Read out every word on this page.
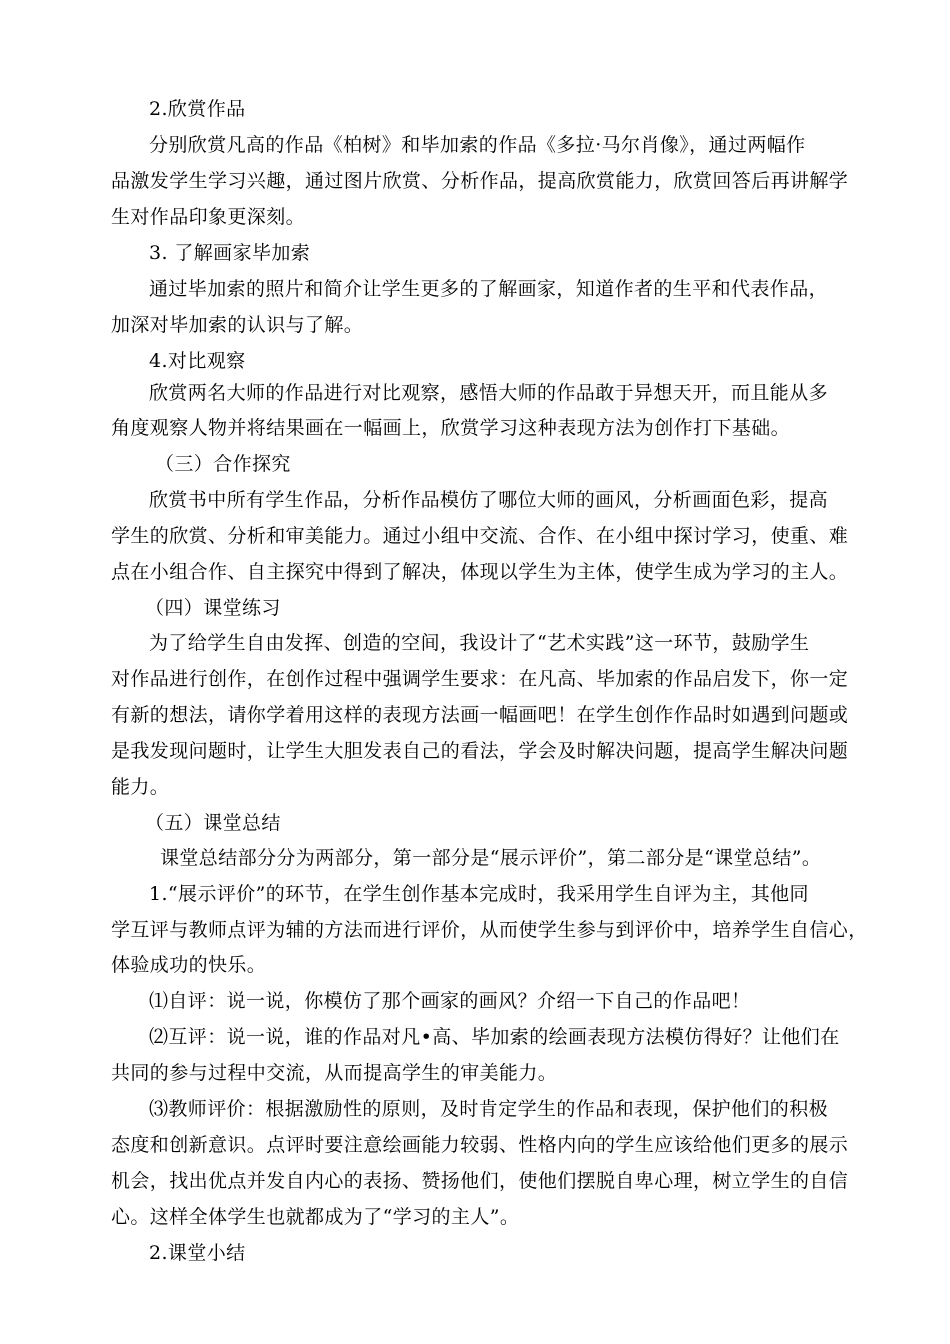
2.欣赏作品
分别欣赏凡高的作品《柏树》和毕加索的作品《多拉·马尔肖像》，通过两幅作
品激发学生学习兴趣，通过图片欣赏、分析作品，提高欣赏能力，欣赏回答后再讲解学
生对作品印象更深刻。
3. 了解画家毕加索
通过毕加索的照片和简介让学生更多的了解画家，知道作者的生平和代表作品，
加深对毕加索的认识与了解。
4.对比观察
欣赏两名大师的作品进行对比观察，感悟大师的作品敢于异想天开，而且能从多
角度观察人物并将结果画在一幅画上，欣赏学习这种表现方法为创作打下基础。
（三）合作探究
欣赏书中所有学生作品，分析作品模仿了哪位大师的画风，分析画面色彩，提高
学生的欣赏、分析和审美能力。通过小组中交流、合作、在小组中探讨学习，使重、难
点在小组合作、自主探究中得到了解决，体现以学生为主体，使学生成为学习的主人。
（四）课堂练习
为了给学生自由发挥、创造的空间，我设计了“艺术实践”这一环节，鼓励学生
对作品进行创作，在创作过程中强调学生要求：在凡高、毕加索的作品启发下，你一定
有新的想法，请你学着用这样的表现方法画一幅画吧！在学生创作作品时如遇到问题或
是我发现问题时，让学生大胆发表自己的看法，学会及时解决问题，提高学生解决问题
能力。
（五）课堂总结
课堂总结部分分为两部分，第一部分是“展示评价”，第二部分是“课堂总结”。
1.“展示评价”的环节，在学生创作基本完成时，我采用学生自评为主，其他同
学互评与教师点评为辅的方法而进行评价，从而使学生参与到评价中，培养学生自信心，
体验成功的快乐。
⑴自评：说一说，你模仿了那个画家的画风？介绍一下自己的作品吧！
⑵互评：说一说，谁的作品对凡•高、毕加索的绘画表现方法模仿得好？让他们在
共同的参与过程中交流，从而提高学生的审美能力。
⑶教师评价：根据激励性的原则，及时肯定学生的作品和表现，保护他们的积极
态度和创新意识。点评时要注意绘画能力较弱、性格内向的学生应该给他们更多的展示
机会，找出优点并发自内心的表扬、赞扬他们，使他们摆脱自卑心理，树立学生的自信
心。这样全体学生也就都成为了“学习的主人”。
2.课堂小结
